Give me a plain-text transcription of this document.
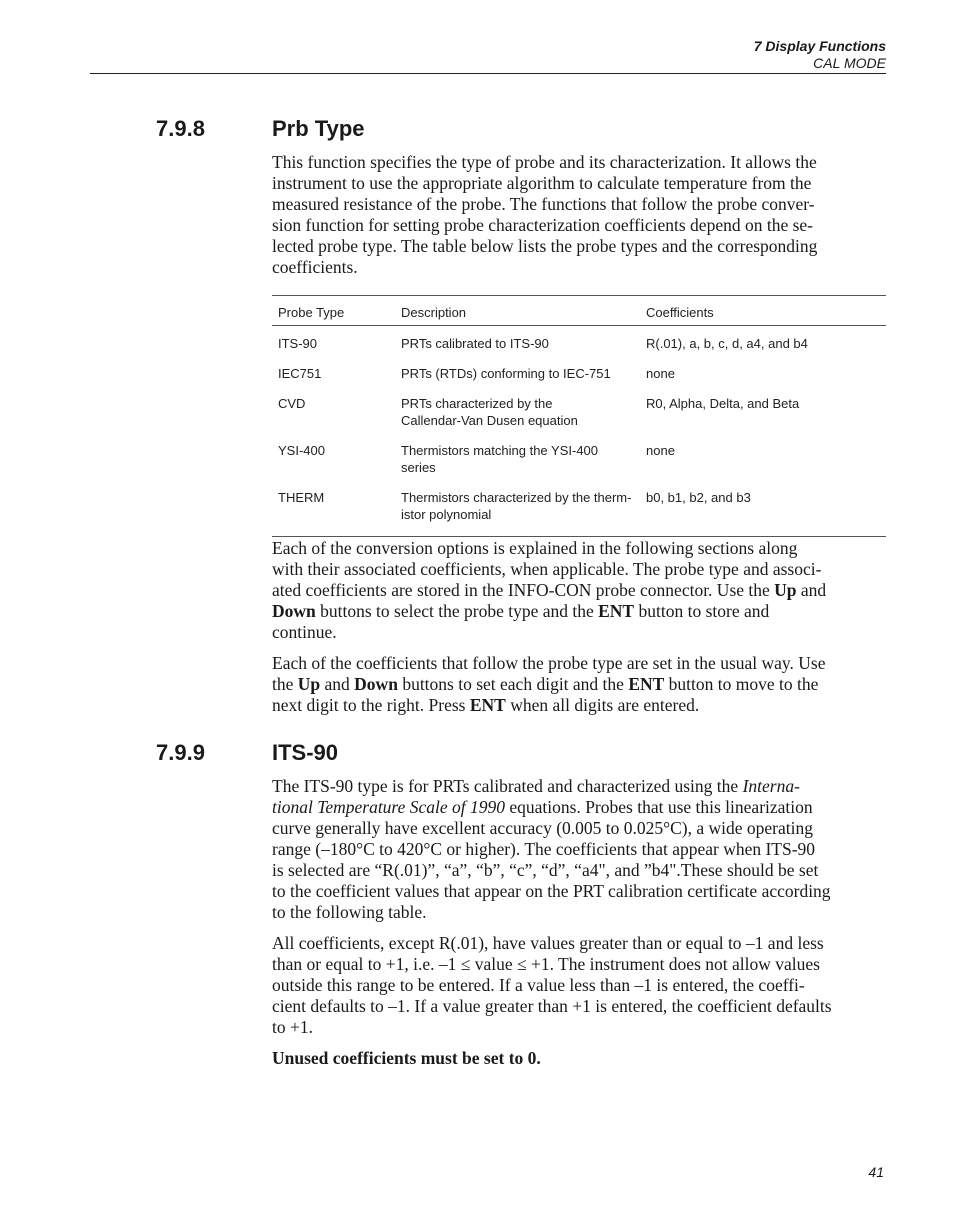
7 Display Functions
CAL MODE
7.9.8	Prb Type

This function specifies the type of probe and its characterization. It allows the
instrument to use the appropriate algorithm to calculate temperature from the
measured resistance of the probe. The functions that follow the probe conver-
sion function for setting probe characterization coefficients depend on the se-
lected probe type. The table below lists the probe types and the corresponding
coefficients.

Probe Type	Description	Coefficients
ITS-90	PRTs calibrated to ITS-90	R(.01), a, b, c, d, a4, and b4
IEC751	PRTs (RTDs) conforming to IEC-751	none
CVD	PRTs characterized by the
Callendar-Van Dusen equation	R0, Alpha, Delta, and Beta
YSI-400	Thermistors matching the YSI-400 series	none
THERM	Thermistors characterized by the therm-
istor polynomial	b0, b1, b2, and b3

Each of the conversion options is explained in the following sections along
with their associated coefficients, when applicable. The probe type and associ-
ated coefficients are stored in the INFO-CON probe connector. Use the Up and
Down buttons to select the probe type and the ENT button to store and
continue.

Each of the coefficients that follow the probe type are set in the usual way. Use
the Up and Down buttons to set each digit and the ENT button to move to the
next digit to the right. Press ENT when all digits are entered.

7.9.9	ITS-90

The ITS-90 type is for PRTs calibrated and characterized using the Interna-
tional Temperature Scale of 1990 equations. Probes that use this linearization
curve generally have excellent accuracy (0.005 to 0.025°C), a wide operating
range (–180°C to 420°C or higher). The coefficients that appear when ITS-90
is selected are “R(.01)”, “a”, “b”, “c”, “d”, “a4", and ”b4".These should be set
to the coefficient values that appear on the PRT calibration certificate according
to the following table.

All coefficients, except R(.01), have values greater than or equal to –1 and less
than or equal to +1, i.e. –1 ≤ value ≤ +1. The instrument does not allow values
outside this range to be entered. If a value less than –1 is entered, the coeffi-
cient defaults to –1. If a value greater than +1 is entered, the coefficient defaults
to +1.

Unused coefficients must be set to 0.

41
